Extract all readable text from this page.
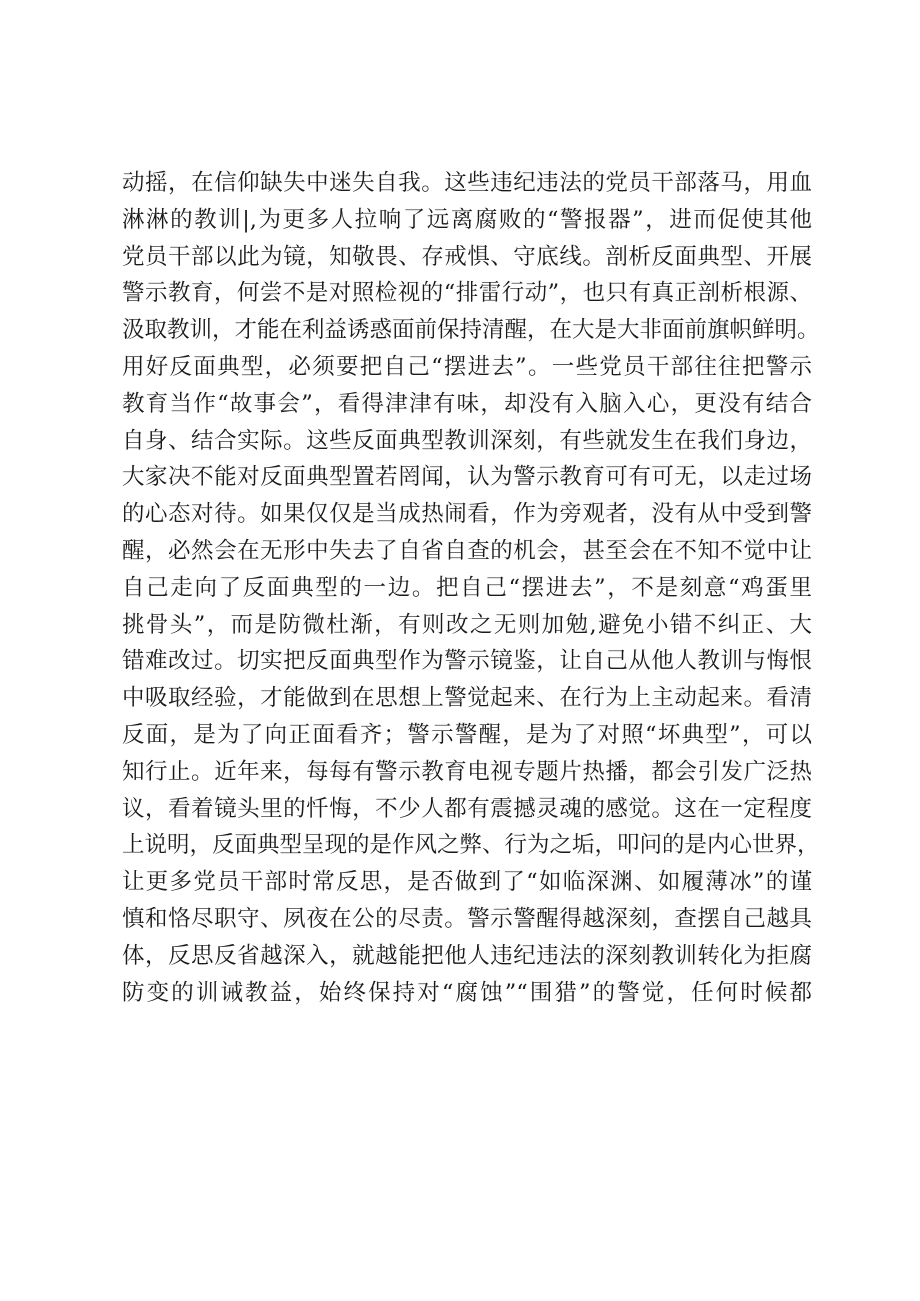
动摇，在信仰缺失中迷失自我。这些违纪违法的党员干部落马，用血
淋淋的教训|,为更多人拉响了远离腐败的“警报器”，进而促使其他
党员干部以此为镜，知敬畏、存戒惧、守底线。剖析反面典型、开展
警示教育，何尝不是对照检视的“排雷行动”，也只有真正剖析根源、
汲取教训，才能在利益诱惑面前保持清醒，在大是大非面前旗帜鲜明。
用好反面典型，必须要把自己“摆进去”。一些党员干部往往把警示
教育当作“故事会”，看得津津有味，却没有入脑入心，更没有结合
自身、结合实际。这些反面典型教训深刻，有些就发生在我们身边，
大家决不能对反面典型置若罔闻，认为警示教育可有可无，以走过场
的心态对待。如果仅仅是当成热闹看，作为旁观者，没有从中受到警
醒，必然会在无形中失去了自省自查的机会，甚至会在不知不觉中让
自己走向了反面典型的一边。把自己“摆进去”，不是刻意“鸡蛋里
挑骨头”，而是防微杜渐，有则改之无则加勉,避免小错不纠正、大
错难改过。切实把反面典型作为警示镜鉴，让自己从他人教训与悔恨
中吸取经验，才能做到在思想上警觉起来、在行为上主动起来。看清
反面，是为了向正面看齐；警示警醒，是为了对照“坏典型”，可以
知行止。近年来，每每有警示教育电视专题片热播，都会引发广泛热
议，看着镜头里的忏悔，不少人都有震撼灵魂的感觉。这在一定程度
上说明，反面典型呈现的是作风之弊、行为之垢，叩问的是内心世界，
让更多党员干部时常反思，是否做到了“如临深渊、如履薄冰”的谨
慎和恪尽职守、夙夜在公的尽责。警示警醒得越深刻，查摆自己越具
体，反思反省越深入，就越能把他人违纪违法的深刻教训转化为拒腐
防变的训诫教益，始终保持对“腐蚀”“围猎”的警觉，任何时候都
